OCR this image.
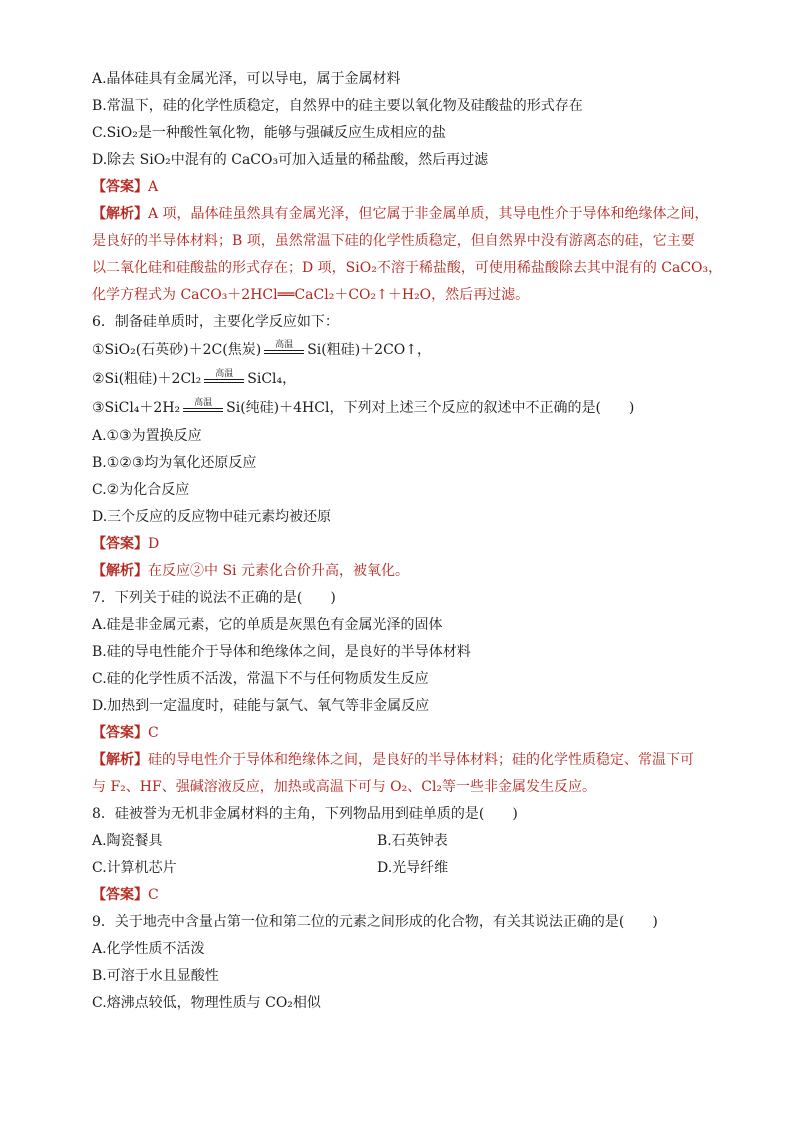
A.晶体硅具有金属光泽，可以导电，属于金属材料
B.常温下，硅的化学性质稳定，自然界中的硅主要以氧化物及硅酸盐的形式存在
C.SiO₂是一种酸性氧化物，能够与强碱反应生成相应的盐
D.除去 SiO₂中混有的 CaCO₃可加入适量的稀盐酸，然后再过滤
【答案】A
【解析】A 项，晶体硅虽然具有金属光泽，但它属于非金属单质，其导电性介于导体和绝缘体之间，
是良好的半导体材料；B 项，虽然常温下硅的化学性质稳定，但自然界中没有游离态的硅，它主要
以二氧化硅和硅酸盐的形式存在；D 项，SiO₂不溶于稀盐酸，可使用稀盐酸除去其中混有的 CaCO₃，
化学方程式为 CaCO₃＋2HCl══CaCl₂＋CO₂↑＋H₂O，然后再过滤。
6．制备硅单质时，主要化学反应如下：
①SiO₂(石英砂)＋2C(焦炭)	高温	Si(粗硅)＋2CO↑，
②Si(粗硅)＋2Cl₂	高温	SiCl₄，
③SiCl₄＋2H₂	高温	Si(纯硅)＋4HCl，下列对上述三个反应的叙述中不正确的是(　　)
A.①③为置换反应
B.①②③均为氧化还原反应
C.②为化合反应
D.三个反应的反应物中硅元素均被还原
【答案】D
【解析】在反应②中 Si 元素化合价升高，被氧化。
7．下列关于硅的说法不正确的是(　　)
A.硅是非金属元素，它的单质是灰黑色有金属光泽的固体
B.硅的导电性能介于导体和绝缘体之间，是良好的半导体材料
C.硅的化学性质不活泼，常温下不与任何物质发生反应
D.加热到一定温度时，硅能与氯气、氧气等非金属反应
【答案】C
【解析】硅的导电性介于导体和绝缘体之间，是良好的半导体材料；硅的化学性质稳定、常温下可
与 F₂、HF、强碱溶液反应，加热或高温下可与 O₂、Cl₂等一些非金属发生反应。
8．硅被誉为无机非金属材料的主角，下列物品用到硅单质的是(　　)
A.陶瓷餐具	B.石英钟表
C.计算机芯片	D.光导纤维
【答案】C
9．关于地壳中含量占第一位和第二位的元素之间形成的化合物，有关其说法正确的是(　　)
A.化学性质不活泼
B.可溶于水且显酸性
C.熔沸点较低，物理性质与 CO₂相似
